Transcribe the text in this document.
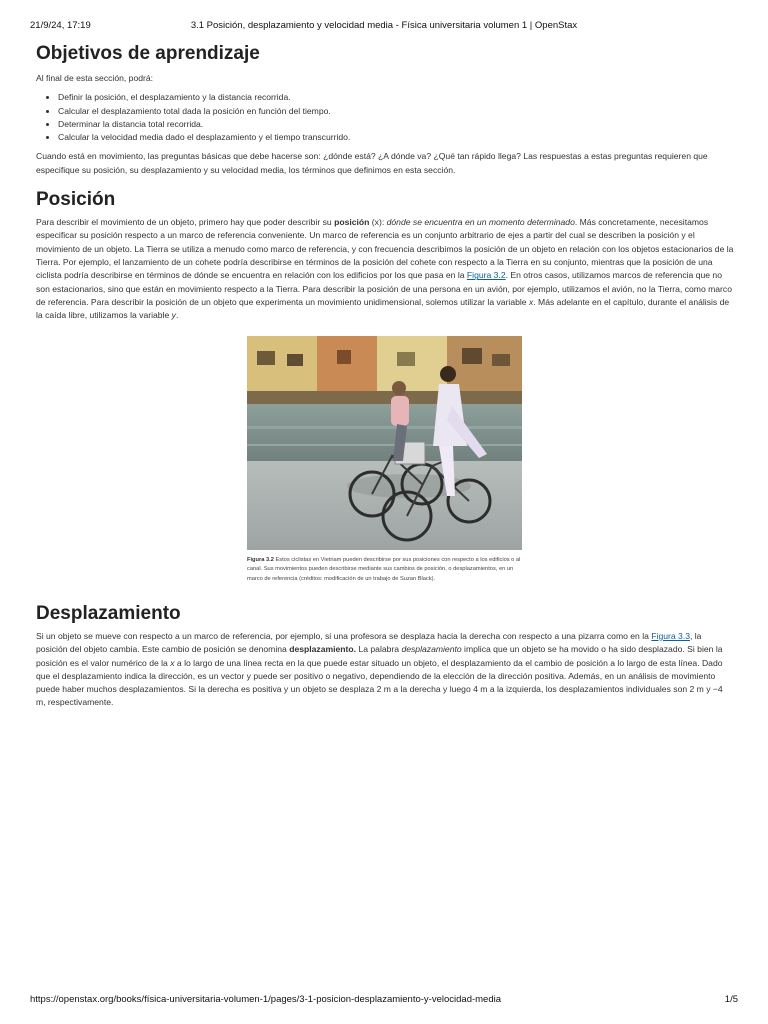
21/9/24, 17:19	3.1 Posición, desplazamiento y velocidad media - Física universitaria volumen 1 | OpenStax
Objetivos de aprendizaje

Al final de esta sección, podrá:

• Definir la posición, el desplazamiento y la distancia recorrida.
• Calcular el desplazamiento total dada la posición en función del tiempo.
• Determinar la distancia total recorrida.
• Calcular la velocidad media dado el desplazamiento y el tiempo transcurrido.

Cuando está en movimiento, las preguntas básicas que debe hacerse son: ¿dónde está? ¿A dónde va? ¿Qué tan rápido llega? Las respuestas a estas preguntas requieren que especifique su posición, su desplazamiento y su velocidad media, los términos que definimos en esta sección.

Posición

Para describir el movimiento de un objeto, primero hay que poder describir su posición (x): dónde se encuentra en un momento determinado. Más concretamente, necesitamos especificar su posición respecto a un marco de referencia conveniente. Un marco de referencia es un conjunto arbitrario de ejes a partir del cual se describen la posición y el movimiento de un objeto. La Tierra se utiliza a menudo como marco de referencia, y con frecuencia describimos la posición de un objeto en relación con los objetos estacionarios de la Tierra. Por ejemplo, el lanzamiento de un cohete podría describirse en términos de la posición del cohete con respecto a la Tierra en su conjunto, mientras que la posición de una ciclista podría describirse en términos de dónde se encuentra en relación con los edificios por los que pasa en la Figura 3.2. En otros casos, utilizamos marcos de referencia que no son estacionarios, sino que están en movimiento respecto a la Tierra. Para describir la posición de una persona en un avión, por ejemplo, utilizamos el avión, no la Tierra, como marco de referencia. Para describir la posición de un objeto que experimenta un movimiento unidimensional, solemos utilizar la variable x. Más adelante en el capítulo, durante el análisis de la caída libre, utilizamos la variable y.

Figura 3.2 Estos ciclistas en Vietnam pueden describirse por sus posiciones con respecto a los edificios o al canal. Sus movimientos pueden describirse mediante sus cambios de posición, o desplazamientos, en un marco de referencia (créditos: modificación de un trabajo de Suzan Black).
Desplazamiento

Si un objeto se mueve con respecto a un marco de referencia, por ejemplo, si una profesora se desplaza hacia la derecha con respecto a una pizarra como en la Figura 3.3, la posición del objeto cambia. Este cambio de posición se denomina desplazamiento. La palabra desplazamiento implica que un objeto se ha movido o ha sido desplazado. Si bien la posición es el valor numérico de la x a lo largo de una línea recta en la que puede estar situado un objeto, el desplazamiento da el cambio de posición a lo largo de esta línea. Dado que el desplazamiento indica la dirección, es un vector y puede ser positivo o negativo, dependiendo de la elección de la dirección positiva. Además, en un análisis de movimiento puede haber muchos desplazamientos. Si la derecha es positiva y un objeto se desplaza 2 m a la derecha y luego 4 m a la izquierda, los desplazamientos individuales son 2 m y −4 m, respectivamente.

https://openstax.org/books/física-universitaria-volumen-1/pages/3-1-posicion-desplazamiento-y-velocidad-media	1/5
